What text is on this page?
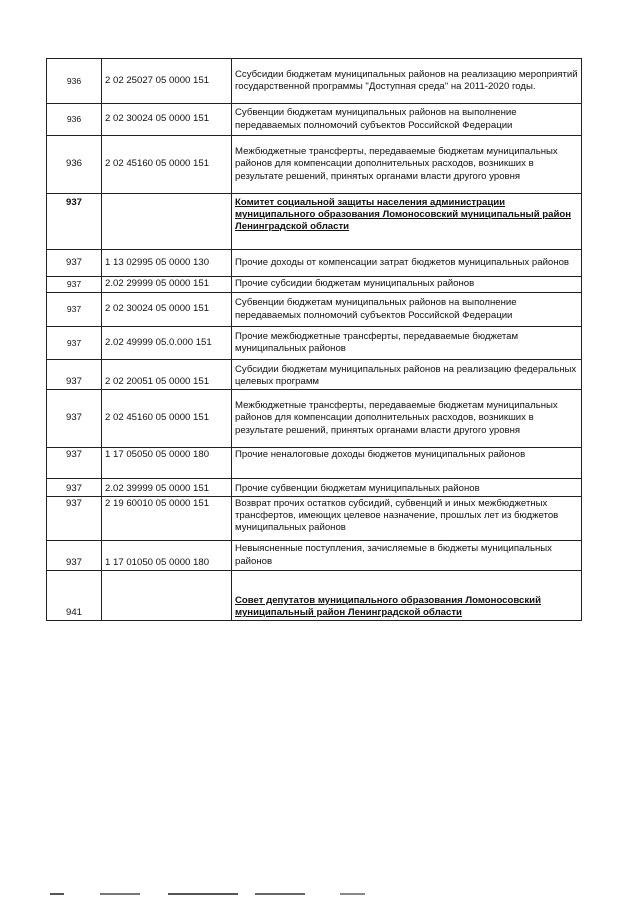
936	2 02 25027 05 0000 151	Ссубсидии бюджетам муниципальных районов на реализацию мероприятий государственной программы "Доступная среда" на 2011-2020 годы.
936	2 02 30024 05 0000 151	Субвенции бюджетам муниципальных районов на выполнение передаваемых полномочий субъектов Российской Федерации
936	2 02 45160 05 0000 151	Межбюджетные трансферты, передаваемые бюджетам муниципальных районов для компенсации дополнительных расходов, возникших в результате решений, принятых органами власти другого уровня
937		Комитет социальной защиты населения администрации муниципального образования Ломоносовский муниципальный район Ленинградской области
937	1 13 02995 05 0000 130	Прочие доходы от компенсации затрат бюджетов муниципальных районов
937	2.02 29999 05 0000 151	Прочие субсидии бюджетам муниципальных районов
937	2 02 30024 05 0000 151	Субвенции бюджетам муниципальных районов на выполнение передаваемых полномочий субъектов Российской Федерации
937	2.02 49999 05.0.000 151	Прочие межбюджетные трансферты, передаваемые бюджетам муниципальных районов
937	2 02 20051 05 0000 151	Субсидии бюджетам муниципальных районов на реализацию федеральных целевых программ
937	2 02 45160 05 0000 151	Межбюджетные трансферты, передаваемые бюджетам муниципальных районов для компенсации дополнительных расходов, возникших в результате решений, принятых органами власти другого уровня
937	1 17 05050 05 0000 180	Прочие неналоговые доходы бюджетов муниципальных районов
937	2.02 39999 05 0000 151	Прочие субвенции бюджетам муниципальных районов
937	2 19 60010 05 0000 151	Возврат прочих остатков субсидий, субвенций и иных межбюджетных трансфертов, имеющих целевое назначение, прошлых лет из бюджетов муниципальных районов
937	1 17 01050 05 0000 180	Невыясненные поступления, зачисляемые в бюджеты муниципальных районов
941		Совет депутатов муниципального образования Ломоносовский муниципальный район Ленинградской области
